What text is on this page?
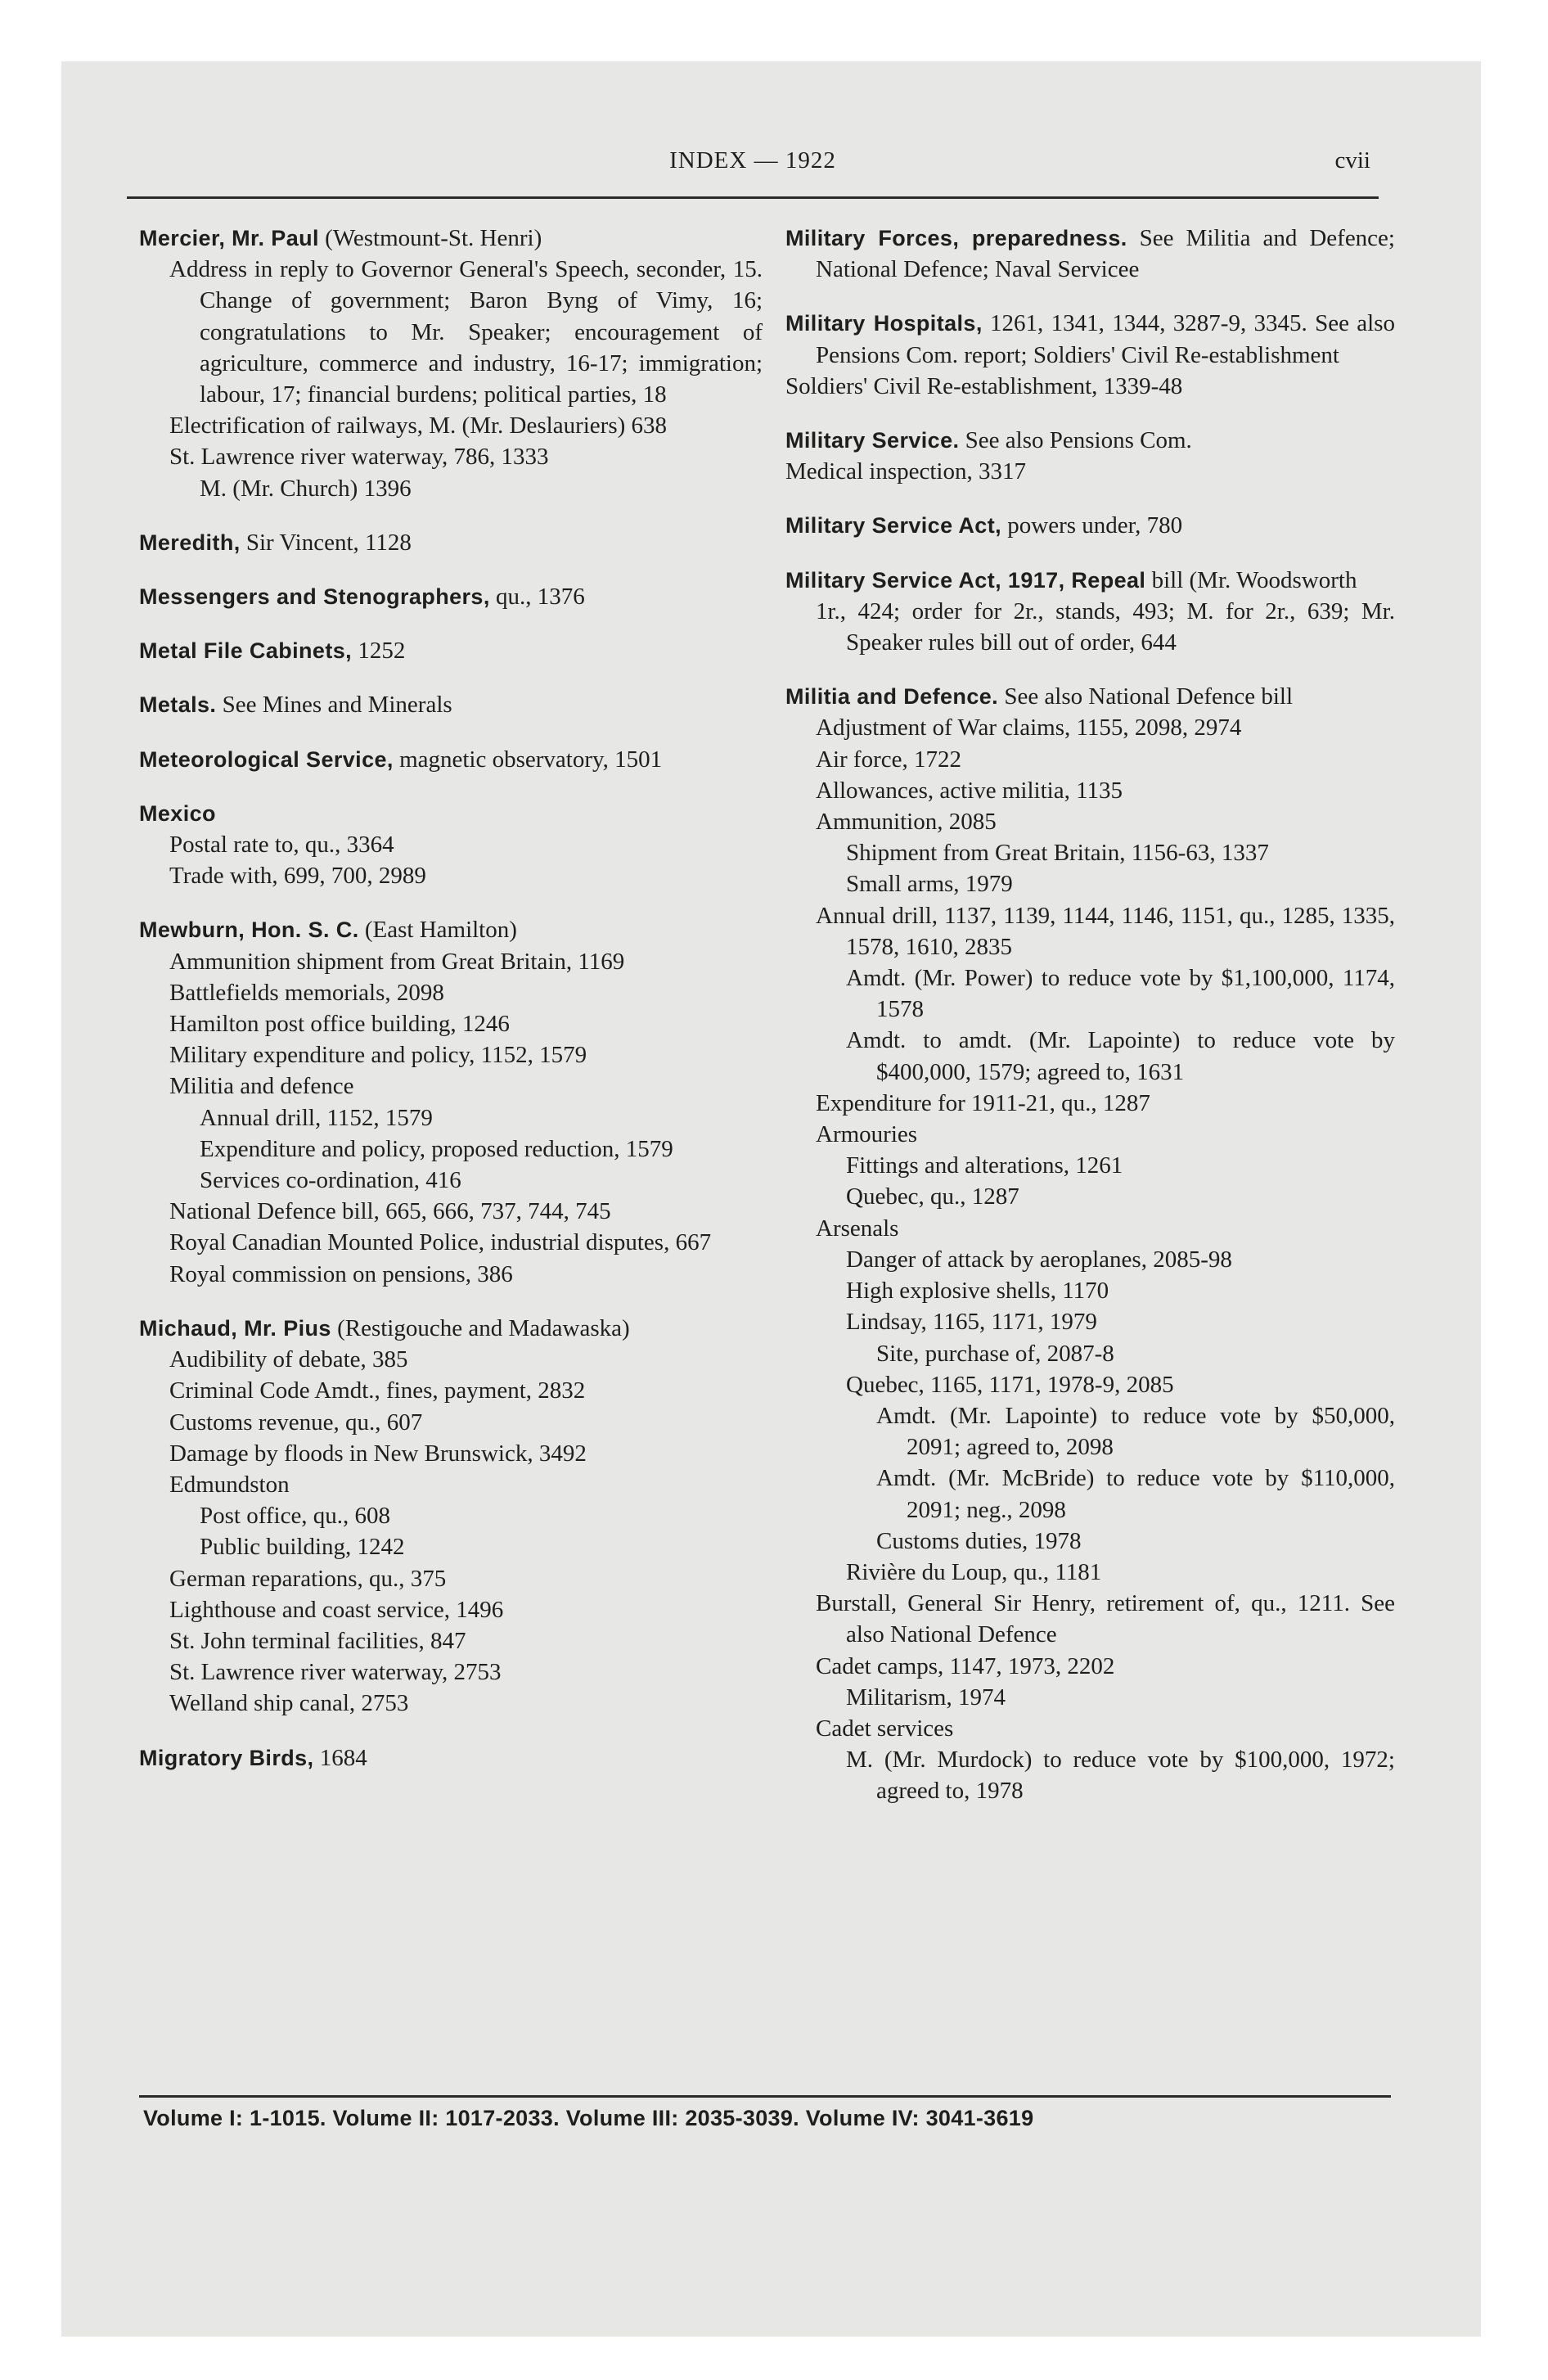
INDEX — 1922	cvii
Mercier, Mr. Paul (Westmount-St. Henri)
Address in reply to Governor General's Speech, seconder, 15. Change of government; Baron Byng of Vimy, 16; congratulations to Mr. Speaker; encouragement of agriculture, commerce and industry, 16-17; immigration; labour, 17; financial burdens; political parties, 18
Electrification of railways, M. (Mr. Deslauriers) 638
St. Lawrence river waterway, 786, 1333
M. (Mr. Church) 1396
Meredith, Sir Vincent, 1128
Messengers and Stenographers, qu., 1376
Metal File Cabinets, 1252
Metals. See Mines and Minerals
Meteorological Service, magnetic observatory, 1501
Mexico
Postal rate to, qu., 3364
Trade with, 699, 700, 2989
Mewburn, Hon. S. C. (East Hamilton)
Ammunition shipment from Great Britain, 1169
Battlefields memorials, 2098
Hamilton post office building, 1246
Military expenditure and policy, 1152, 1579
Militia and defence
Annual drill, 1152, 1579
Expenditure and policy, proposed reduction, 1579
Services co-ordination, 416
National Defence bill, 665, 666, 737, 744, 745
Royal Canadian Mounted Police, industrial disputes, 667
Royal commission on pensions, 386
Michaud, Mr. Pius (Restigouche and Madawaska)
Audibility of debate, 385
Criminal Code Amdt., fines, payment, 2832
Customs revenue, qu., 607
Damage by floods in New Brunswick, 3492
Edmundston
Post office, qu., 608
Public building, 1242
German reparations, qu., 375
Lighthouse and coast service, 1496
St. John terminal facilities, 847
St. Lawrence river waterway, 2753
Welland ship canal, 2753
Migratory Birds, 1684
Military Forces, preparedness. See Militia and Defence; National Defence; Naval Servicee
Military Hospitals, 1261, 1341, 1344, 3287-9, 3345. See also Pensions Com. report; Soldiers' Civil Re-establishment
Soldiers' Civil Re-establishment, 1339-48
Military Service. See also Pensions Com.
Medical inspection, 3317
Military Service Act, powers under, 780
Military Service Act, 1917, Repeal bill (Mr. Woodsworth
1r., 424; order for 2r., stands, 493; M. for 2r., 639; Mr. Speaker rules bill out of order, 644
Militia and Defence. See also National Defence bill
Adjustment of War claims, 1155, 2098, 2974
Air force, 1722
Allowances, active militia, 1135
Ammunition, 2085
Shipment from Great Britain, 1156-63, 1337
Small arms, 1979
Annual drill, 1137, 1139, 1144, 1146, 1151, qu., 1285, 1335, 1578, 1610, 2835
Amdt. (Mr. Power) to reduce vote by $1,100,000, 1174, 1578
Amdt. to amdt. (Mr. Lapointe) to reduce vote by $400,000, 1579; agreed to, 1631
Expenditure for 1911-21, qu., 1287
Armouries
Fittings and alterations, 1261
Quebec, qu., 1287
Arsenals
Danger of attack by aeroplanes, 2085-98
High explosive shells, 1170
Lindsay, 1165, 1171, 1979
Site, purchase of, 2087-8
Quebec, 1165, 1171, 1978-9, 2085
Amdt. (Mr. Lapointe) to reduce vote by $50,000, 2091; agreed to, 2098
Amdt. (Mr. McBride) to reduce vote by $110,000, 2091; neg., 2098
Customs duties, 1978
Rivière du Loup, qu., 1181
Burstall, General Sir Henry, retirement of, qu., 1211. See also National Defence
Cadet camps, 1147, 1973, 2202
Militarism, 1974
Cadet services
M. (Mr. Murdock) to reduce vote by $100,000, 1972; agreed to, 1978
Volume I: 1-1015. Volume II: 1017-2033. Volume III: 2035-3039. Volume IV: 3041-3619
